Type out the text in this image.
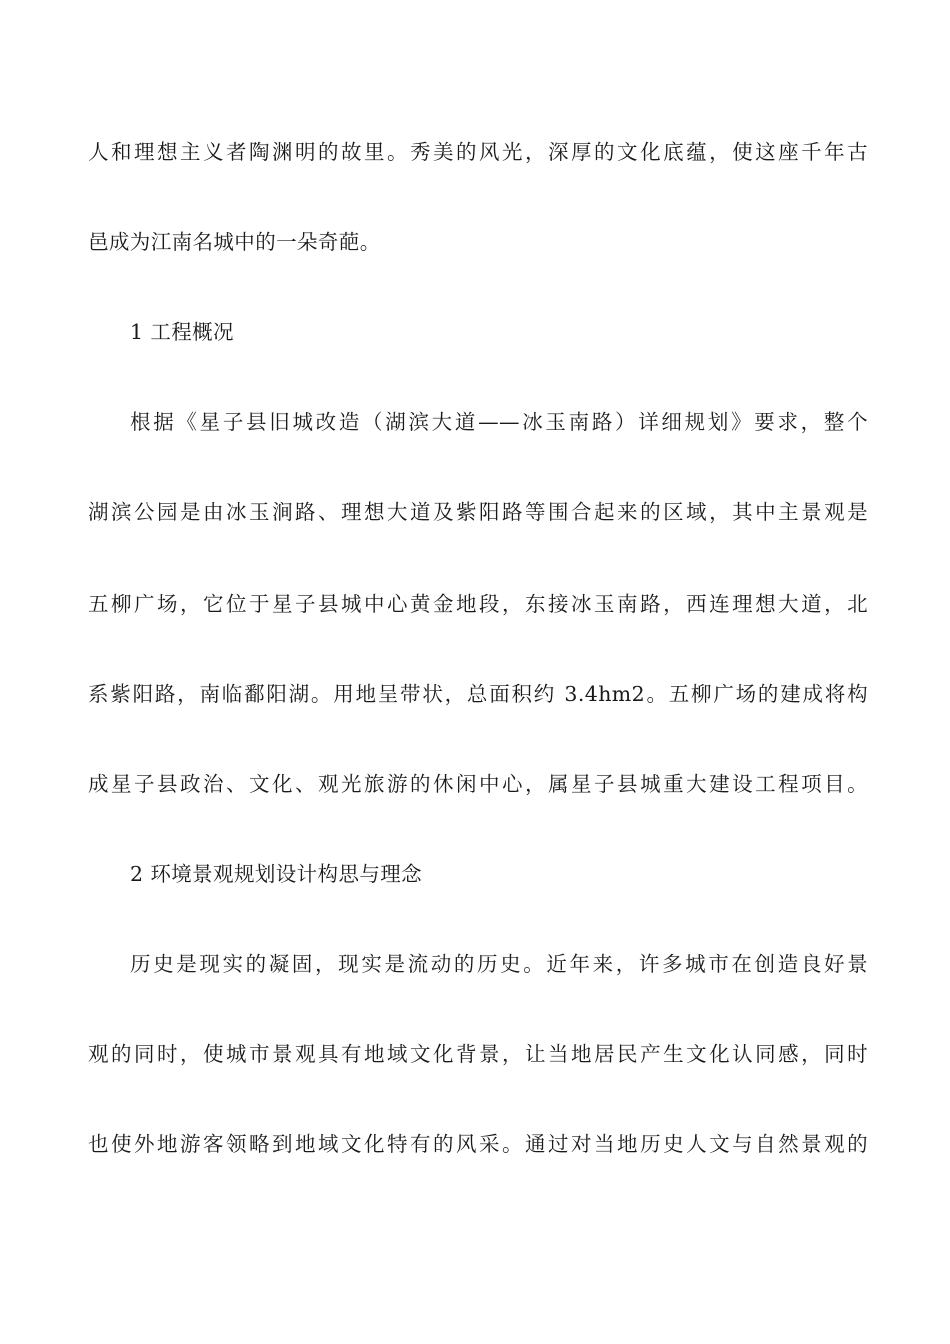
人和理想主义者陶渊明的故里。秀美的风光，深厚的文化底蕴，使这座千年古
邑成为江南名城中的一朵奇葩。
1 工程概况
根据《星子县旧城改造（湖滨大道——冰玉南路）详细规划》要求，整个
湖滨公园是由冰玉涧路、理想大道及紫阳路等围合起来的区域，其中主景观是
五柳广场，它位于星子县城中心黄金地段，东接冰玉南路，西连理想大道，北
系紫阳路，南临鄱阳湖。用地呈带状，总面积约 3.4hm2。五柳广场的建成将构
成星子县政治、文化、观光旅游的休闲中心，属星子县城重大建设工程项目。
2 环境景观规划设计构思与理念
历史是现实的凝固，现实是流动的历史。近年来，许多城市在创造良好景
观的同时，使城市景观具有地域文化背景，让当地居民产生文化认同感，同时
也使外地游客领略到地域文化特有的风采。通过对当地历史人文与自然景观的
